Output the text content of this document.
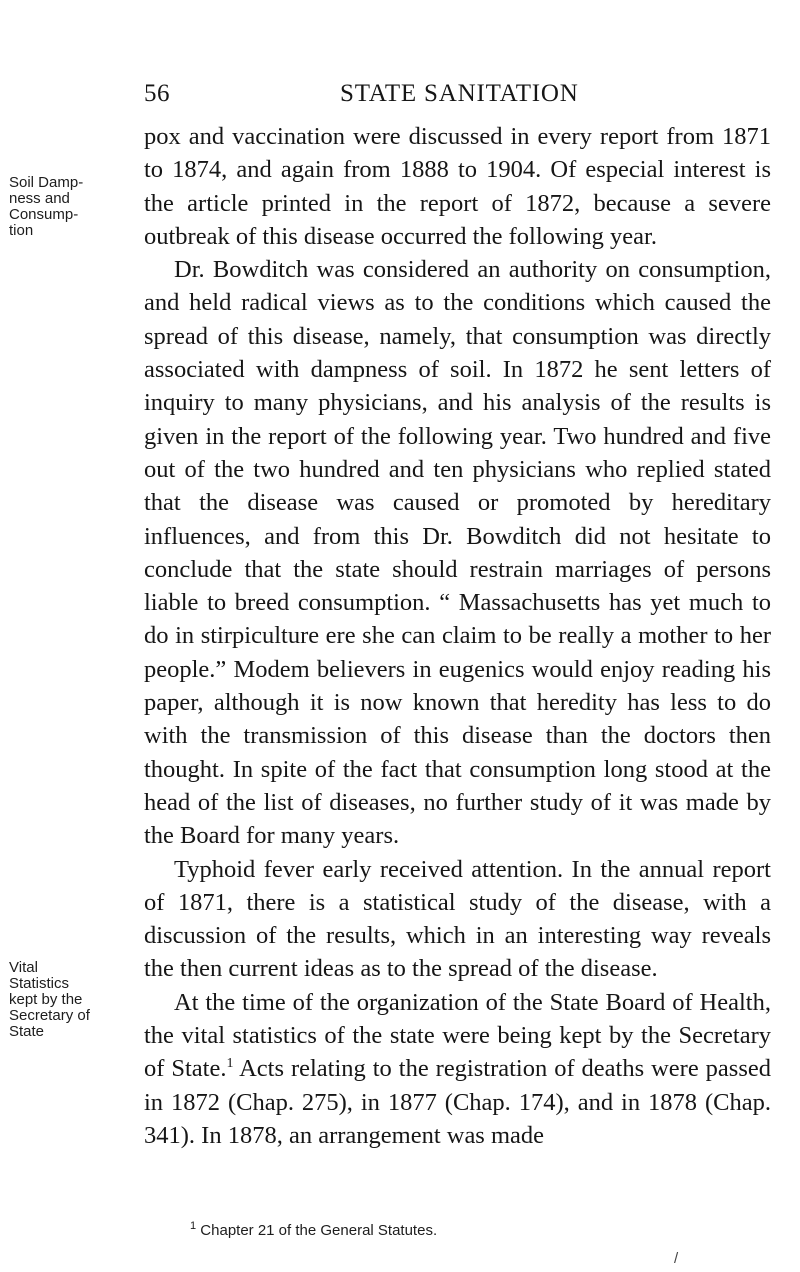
56	STATE SANITATION
Soil Damp-
ness and
Consump-
tion
Vital
Statistics
kept by the
Secretary of
State

pox and vaccination were discussed in every report from 1871 to 1874, and again from 1888 to 1904. Of especial interest is the article printed in the report of 1872, because a severe outbreak of this disease occurred the following year.

Dr. Bowditch was considered an authority on consumption, and held radical views as to the conditions which caused the spread of this disease, namely, that consumption was directly associated with dampness of soil. In 1872 he sent letters of inquiry to many physicians, and his analysis of the results is given in the report of the following year. Two hundred and five out of the two hundred and ten physicians who replied stated that the disease was caused or promoted by hereditary influences, and from this Dr. Bowditch did not hesitate to conclude that the state should restrain marriages of persons liable to breed consumption. “ Massachusetts has yet much to do in stirpiculture ere she can claim to be really a mother to her people.” Modem believers in eugenics would enjoy reading his paper, although it is now known that heredity has less to do with the transmission of this disease than the doctors then thought. In spite of the fact that consumption long stood at the head of the list of diseases, no further study of it was made by the Board for many years.

Typhoid fever early received attention. In the annual report of 1871, there is a statistical study of the disease, with a discussion of the results, which in an interesting way reveals the then current ideas as to the spread of the disease.

At the time of the organization of the State Board of Health, the vital statistics of the state were being kept by the Secretary of State.$^1$ Acts relating to the registration of deaths were passed in 1872 (Chap. 275), in 1877 (Chap. 174), and in 1878 (Chap. 341). In 1878, an arrangement was made

$^1$ Chapter 21 of the General Statutes.
/
